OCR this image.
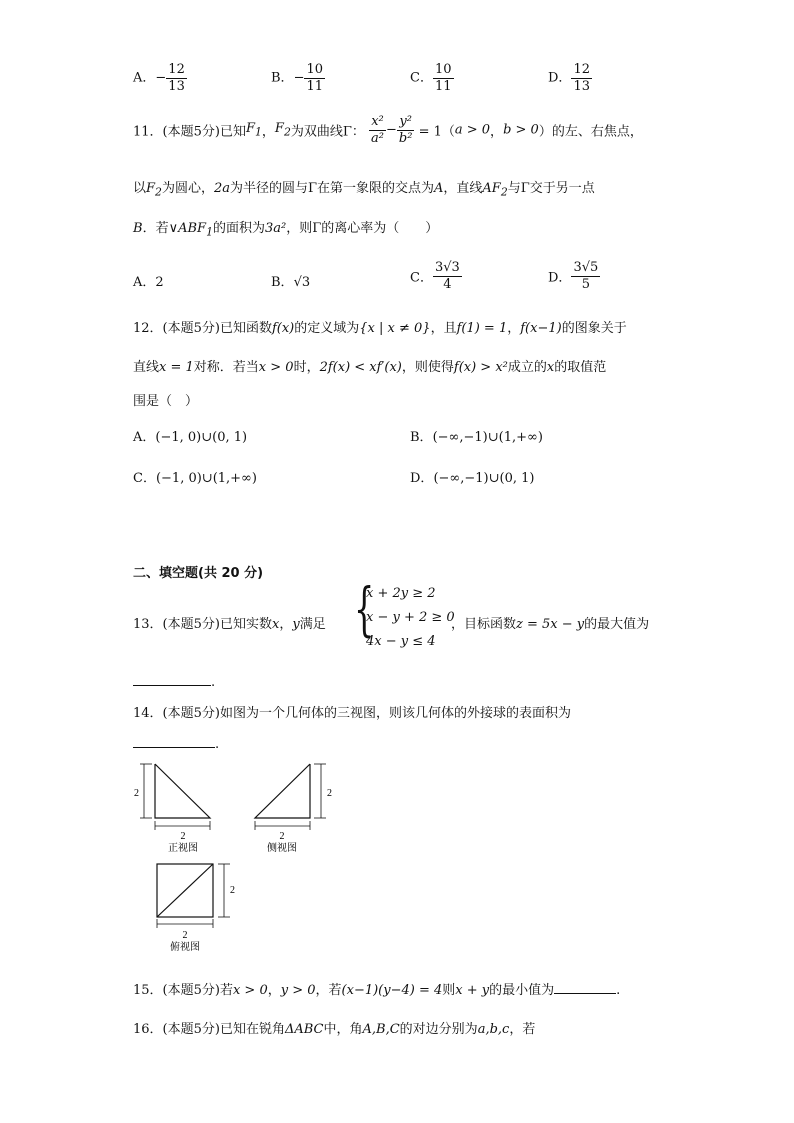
A．− $\frac{12}{13}$	B．− $\frac{10}{11}$	C． $\frac{10}{11}$	D． $\frac{12}{13}$
11．(本题5分)已知$F_1$，$F_2$为双曲线Γ： $\frac{\text{x²}}{\text{a²}} - \frac{\text{y²}}{\text{b²}} = 1(a > 0$，b > 0）的左、右焦点，
以$F_2$为圆心，2a为半径的圆与Γ在第一象限的交点为A，直线$AF_2$与Γ交于另一点
B．若$\vee ABF_1$的面积为3a²，则Γ的离心率为（　　）
A．2	B．√3	C． $\frac{3√3}{4}$	D． $\frac{3√5}{5}$
12．(本题5分)已知函数f(x)的定义域为{x | x ≠ 0}，且f(1) = 1，f(x−1)的图象关于
直线x = 1对称．若当x > 0时，2f(x) < xf′(x)，则使得f(x) > x²成立的x的取值范
围是（　）
A．(−1, 0)∪(0, 1)	B．(−∞,−1)∪(1,+∞)
C．(−1, 0)∪(1,+∞)	D．(−∞,−1)∪(0, 1)
二、填空题(共 20 分)
13．(本题5分)已知实数x，y满足 {
x + 2y ≥ 2
x − y + 2 ≥ 0
4x − y ≤ 4
，目标函数z = 5x − y的最大值为
.
14．(本题5分)如图为一个几何体的三视图，则该几何体的外接球的表面积为
.
2
2
正视图
2
2
侧视图
2
2
俯视图
15．(本题5分)若x > 0，y > 0，若(x−1)(y−4) = 4则x + y的最小值为	.
16．(本题5分)已知在锐角ΔABC中，角A,B,C的对边分别为a,b,c，若
